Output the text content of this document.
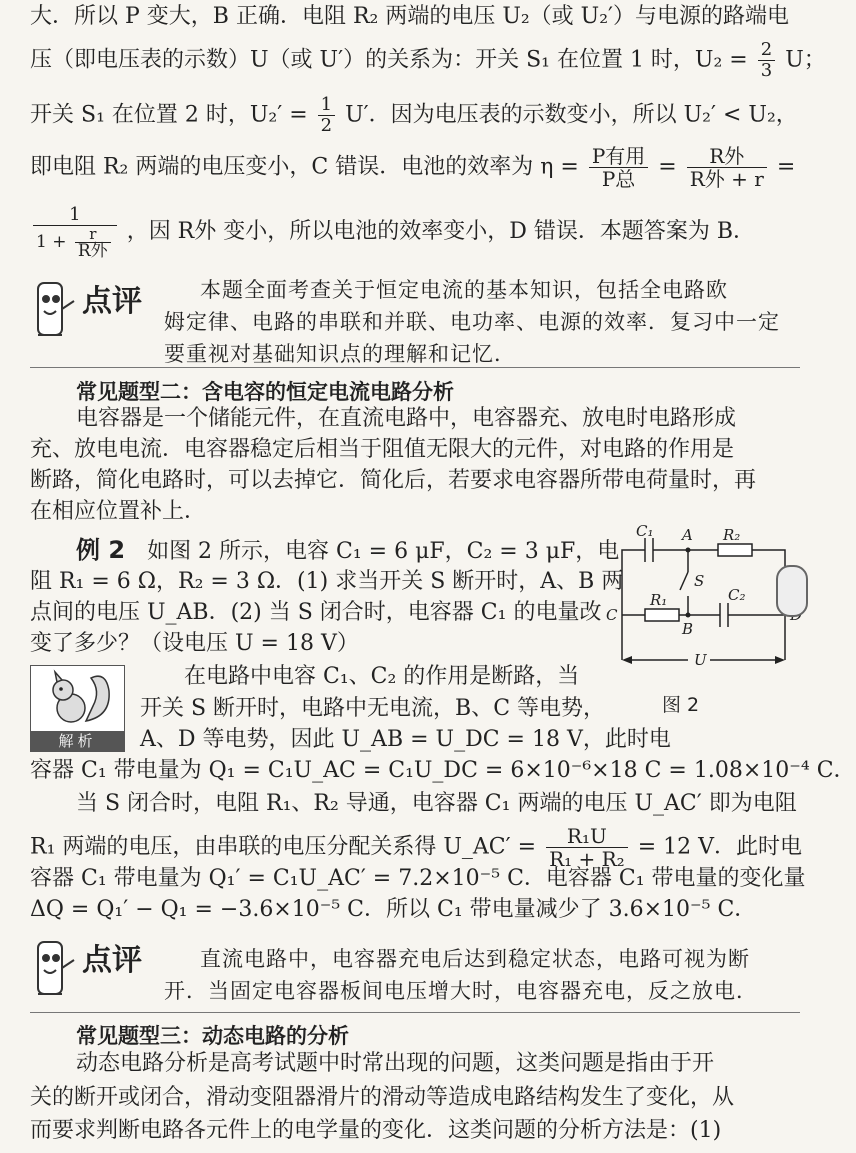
大．所以 P 变大，B 正确．电阻 R₂ 两端的电压 U₂（或 U₂′）与电源的路端电
压（即电压表的示数）U（或 U′）的关系为：开关 S₁ 在位置 1 时，$U_2 = \frac{2}{3}$ U；
开关 S₁ 在位置 2 时，$U_2' = \frac{1}{2} U'$．因为电压表的示数变小，所以 U₂′ < U₂，
即电阻 R₂ 两端的电压变小，C 错误．电池的效率为 $\eta = \frac{\text{P有用}}{\text{P总}} = \frac{\text{R外}}{\text{R外 + r}}$ =
$\frac{1}{1 + \frac{r}{\text{R外}}}$ ，因 R外 变小，所以电池的效率变小，D 错误．本题答案为 B．
点评	本题全面考查关于恒定电流的基本知识，包括全电路欧
姆定律、电路的串联和并联、电功率、电源的效率．复习中一定
要重视对基础知识点的理解和记忆．
常见题型二：含电容的恒定电流电路分析
电容器是一个储能元件，在直流电路中，电容器充、放电时电路形成
充、放电电流．电容器稳定后相当于阻值无限大的元件，对电路的作用是
断路，简化电路时，可以去掉它．简化后，若要求电容器所带电荷量时，再
在相应位置补上．
例 2 如图 2 所示，电容 C₁ = 6 μF，C₂ = 3 μF，电
阻 R₁ = 6 Ω，R₂ = 3 Ω．(1) 求当开关 S 断开时，A、B 两
点间的电压 U_AB．(2) 当 S 闭合时，电容器 C₁ 的电量改
变了多少？（设电压 U = 18 V）
C₁ A R₂
S
R₁	C₂
C
B
U
图 2
解析
在电路中电容 C₁、C₂ 的作用是断路，当
开关 S 断开时，电路中无电流，B、C 等电势，
A、D 等电势，因此 U_AB = U_DC = 18 V，此时电
容器 C₁ 带电量为 Q₁ = C₁U_AC = C₁U_DC = 6×10⁻⁶×18 C = 1.08×10⁻⁴ C．
当 S 闭合时，电阻 R₁、R₂ 导通，电容器 C₁ 两端的电压 U_AC′ 即为电阻
R₁ 两端的电压，由串联的电压分配关系得 U_AC′ = $\frac{\text{R₁U}}{\text{R₁ + R₂}} = 12$ V．此时电
容器 C₁ 带电量为 Q₁′ = C₁U_AC′ = 7.2×10⁻⁵ C．电容器 C₁ 带电量的变化量
ΔQ = Q₁′ − Q₁ = −3.6×10⁻⁵ C．所以 C₁ 带电量减少了 3.6×10⁻⁵ C．
点评	直流电路中，电容器充电后达到稳定状态，电路可视为断
开．当固定电容器板间电压增大时，电容器充电，反之放电．
常见题型三：动态电路的分析
动态电路分析是高考试题中时常出现的问题，这类问题是指由于开
关的断开或闭合，滑动变阻器滑片的滑动等造成电路结构发生了变化，从
而要求判断电路各元件上的电学量的变化．这类问题的分析方法是：(1)
